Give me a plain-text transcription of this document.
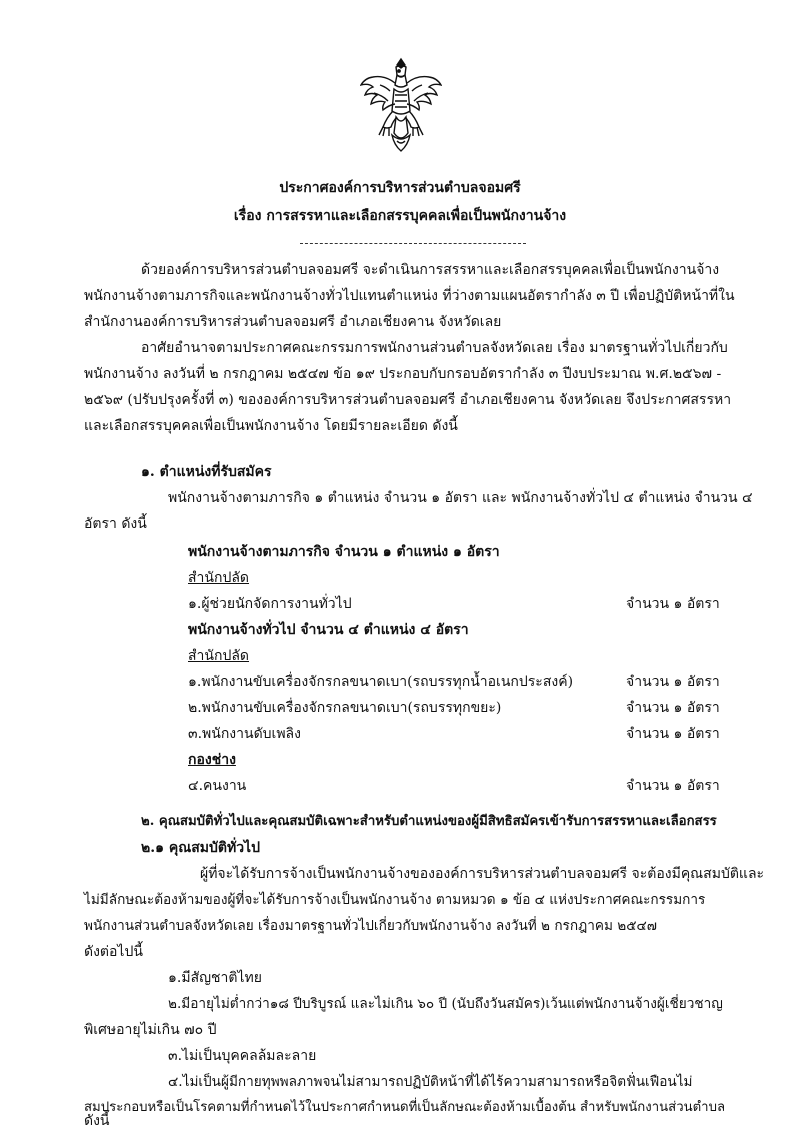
ประกาศองค์การบริหารส่วนตำบลจอมศรี
เรื่อง การสรรหาและเลือกสรรบุคคลเพื่อเป็นพนักงานจ้าง
ด้วยองค์การบริหารส่วนตำบลจอมศรี จะดำเนินการสรรหาและเลือกสรรบุคคลเพื่อเป็นพนักงานจ้าง
พนักงานจ้างตามภารกิจและพนักงานจ้างทั่วไปแทนตำแหน่ง ที่ว่างตามแผนอัตรากำลัง ๓ ปี เพื่อปฏิบัติหน้าที่ใน
สำนักงานองค์การบริหารส่วนตำบลจอมศรี อำเภอเชียงคาน จังหวัดเลย
อาศัยอำนาจตามประกาศคณะกรรมการพนักงานส่วนตำบลจังหวัดเลย เรื่อง มาตรฐานทั่วไปเกี่ยวกับ
พนักงานจ้าง ลงวันที่ ๒ กรกฎาคม ๒๕๔๗ ข้อ ๑๙ ประกอบกับกรอบอัตรากำลัง ๓ ปีงบประมาณ พ.ศ.๒๕๖๗ -
๒๕๖๙ (ปรับปรุงครั้งที่ ๓) ขององค์การบริหารส่วนตำบลจอมศรี อำเภอเชียงคาน จังหวัดเลย จึงประกาศสรรหา
และเลือกสรรบุคคลเพื่อเป็นพนักงานจ้าง โดยมีรายละเอียด ดังนี้
๑. ตำแหน่งที่รับสมัคร
พนักงานจ้างตามภารกิจ ๑ ตำแหน่ง จำนวน ๑ อัตรา และ พนักงานจ้างทั่วไป ๔ ตำแหน่ง จำนวน ๔
อัตรา ดังนี้
พนักงานจ้างตามภารกิจ จำนวน ๑ ตำแหน่ง ๑ อัตรา
สำนักปลัด
๑.ผู้ช่วยนักจัดการงานทั่วไป	จำนวน ๑ อัตรา
พนักงานจ้างทั่วไป จำนวน ๔ ตำแหน่ง ๔ อัตรา
สำนักปลัด
๑.พนักงานขับเครื่องจักรกลขนาดเบา(รถบรรทุกน้ำอเนกประสงค์)	จำนวน ๑ อัตรา
๒.พนักงานขับเครื่องจักรกลขนาดเบา(รถบรรทุกขยะ)	จำนวน ๑ อัตรา
๓.พนักงานดับเพลิง	จำนวน ๑ อัตรา
กองช่าง
๔.คนงาน	จำนวน ๑ อัตรา
๒. คุณสมบัติทั่วไปและคุณสมบัติเฉพาะสำหรับตำแหน่งของผู้มีสิทธิสมัครเข้ารับการสรรหาและเลือกสรร
๒.๑ คุณสมบัติทั่วไป
ผู้ที่จะได้รับการจ้างเป็นพนักงานจ้างขององค์การบริหารส่วนตำบลจอมศรี จะต้องมีคุณสมบัติและ
ไม่มีลักษณะต้องห้ามของผู้ที่จะได้รับการจ้างเป็นพนักงานจ้าง ตามหมวด ๑ ข้อ ๔ แห่งประกาศคณะกรรมการ
พนักงานส่วนตำบลจังหวัดเลย เรื่องมาตรฐานทั่วไปเกี่ยวกับพนักงานจ้าง ลงวันที่ ๒ กรกฎาคม ๒๕๔๗
ดังต่อไปนี้
๑.มีสัญชาติไทย
๒.มีอายุไม่ต่ำกว่า๑๘ ปีบริบูรณ์ และไม่เกิน ๖๐ ปี (นับถึงวันสมัคร)เว้นแต่พนักงานจ้างผู้เชี่ยวชาญ
พิเศษอายุไม่เกิน ๗๐ ปี
๓.ไม่เป็นบุคคลล้มละลาย
๔.ไม่เป็นผู้มีกายทุพพลภาพจนไม่สามารถปฏิบัติหน้าที่ได้ไร้ความสามารถหรือจิตฟั่นเฟือนไม่
สมประกอบหรือเป็นโรคตามที่กำหนดไว้ในประกาศกำหนดที่เป็นลักษณะต้องห้ามเบื้องต้น สำหรับพนักงานส่วนตำบล
ดังนี้
